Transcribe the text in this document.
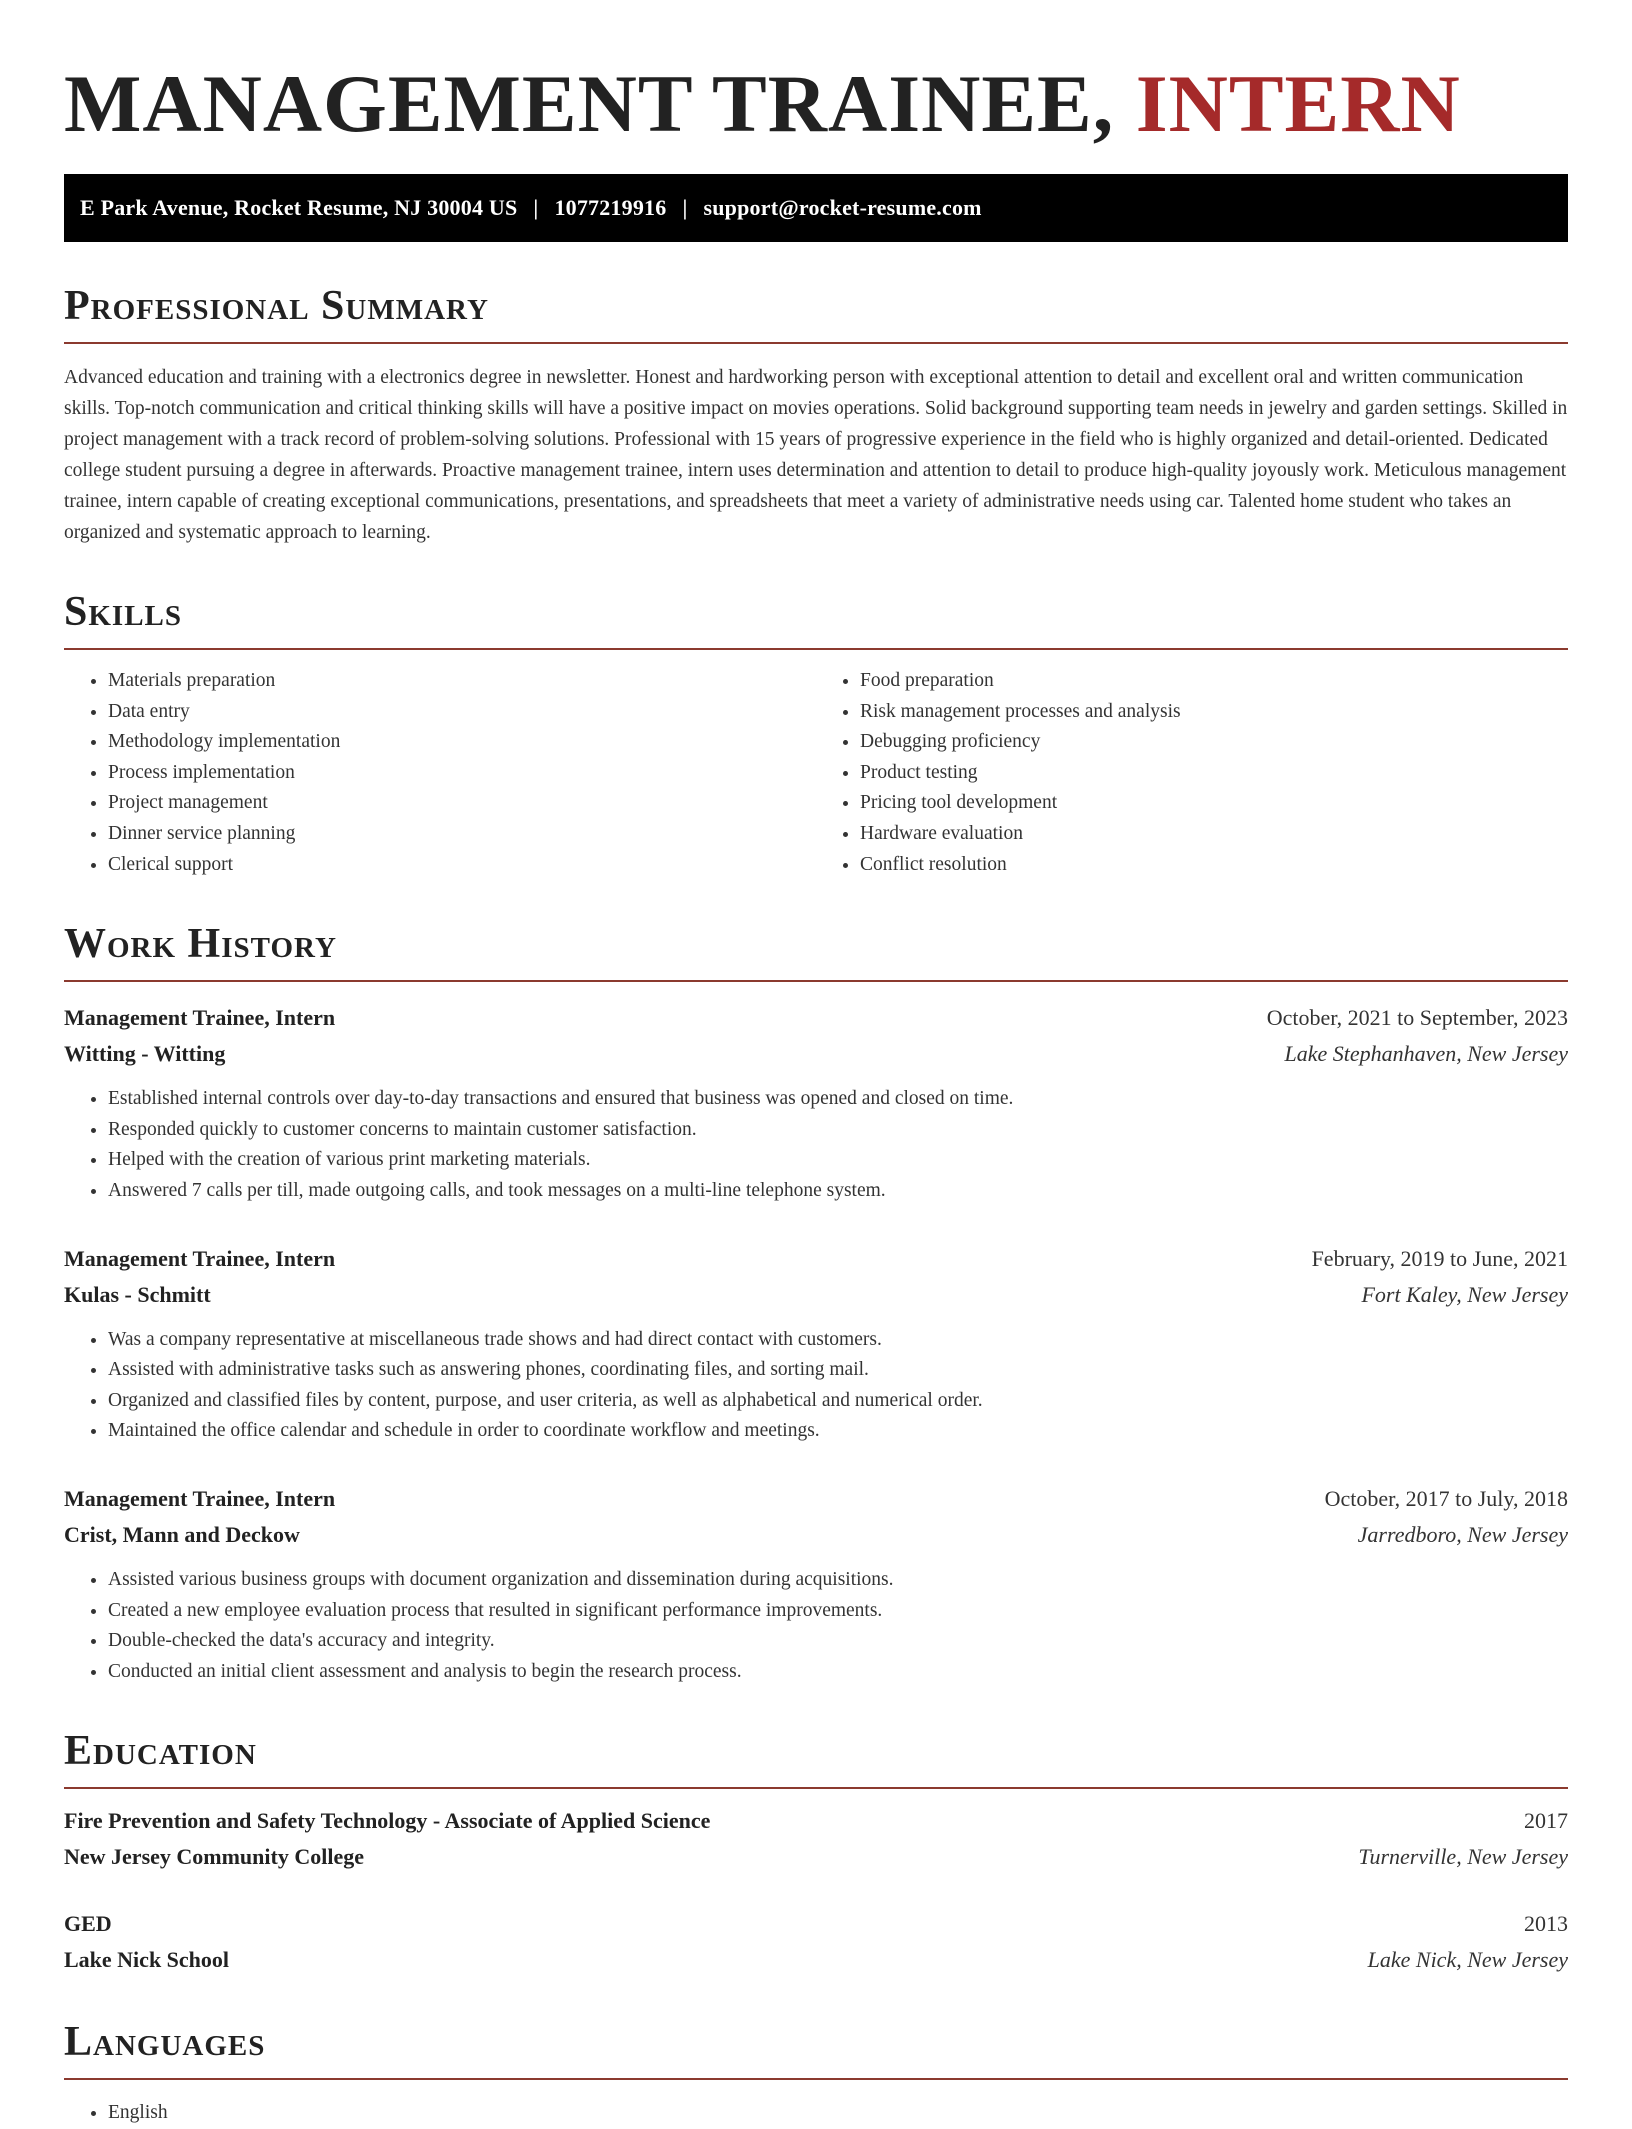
MANAGEMENT TRAINEE, INTERN
E Park Avenue, Rocket Resume, NJ 30004 US | 1077219916 | support@rocket-resume.com
Professional Summary

Advanced education and training with a electronics degree in newsletter. Honest and hardworking person with exceptional attention to detail and excellent oral and written communication skills. Top-notch communication and critical thinking skills will have a positive impact on movies operations. Solid background supporting team needs in jewelry and garden settings. Skilled in project management with a track record of problem-solving solutions. Professional with 15 years of progressive experience in the field who is highly organized and detail-oriented. Dedicated college student pursuing a degree in afterwards. Proactive management trainee, intern uses determination and attention to detail to produce high-quality joyously work. Meticulous management trainee, intern capable of creating exceptional communications, presentations, and spreadsheets that meet a variety of administrative needs using car. Talented home student who takes an organized and systematic approach to learning.

Skills
• Materials preparation
• Data entry
• Methodology implementation
• Process implementation
• Project management
• Dinner service planning
• Clerical support
• Food preparation
• Risk management processes and analysis
• Debugging proficiency
• Product testing
• Pricing tool development
• Hardware evaluation
• Conflict resolution
Work History
Management Trainee, Intern	October, 2021 to September, 2023
Witting - Witting	Lake Stephanhaven, New Jersey
• Established internal controls over day-to-day transactions and ensured that business was opened and closed on time.
• Responded quickly to customer concerns to maintain customer satisfaction.
• Helped with the creation of various print marketing materials.
• Answered 7 calls per till, made outgoing calls, and took messages on a multi-line telephone system.
Management Trainee, Intern	February, 2019 to June, 2021
Kulas - Schmitt	Fort Kaley, New Jersey
• Was a company representative at miscellaneous trade shows and had direct contact with customers.
• Assisted with administrative tasks such as answering phones, coordinating files, and sorting mail.
• Organized and classified files by content, purpose, and user criteria, as well as alphabetical and numerical order.
• Maintained the office calendar and schedule in order to coordinate workflow and meetings.
Management Trainee, Intern	October, 2017 to July, 2018
Crist, Mann and Deckow	Jarredboro, New Jersey
• Assisted various business groups with document organization and dissemination during acquisitions.
• Created a new employee evaluation process that resulted in significant performance improvements.
• Double-checked the data's accuracy and integrity.
• Conducted an initial client assessment and analysis to begin the research process.
Education
Fire Prevention and Safety Technology - Associate of Applied Science	2017
New Jersey Community College	Turnerville, New Jersey
GED	2013
Lake Nick School	Lake Nick, New Jersey
Languages
• English
